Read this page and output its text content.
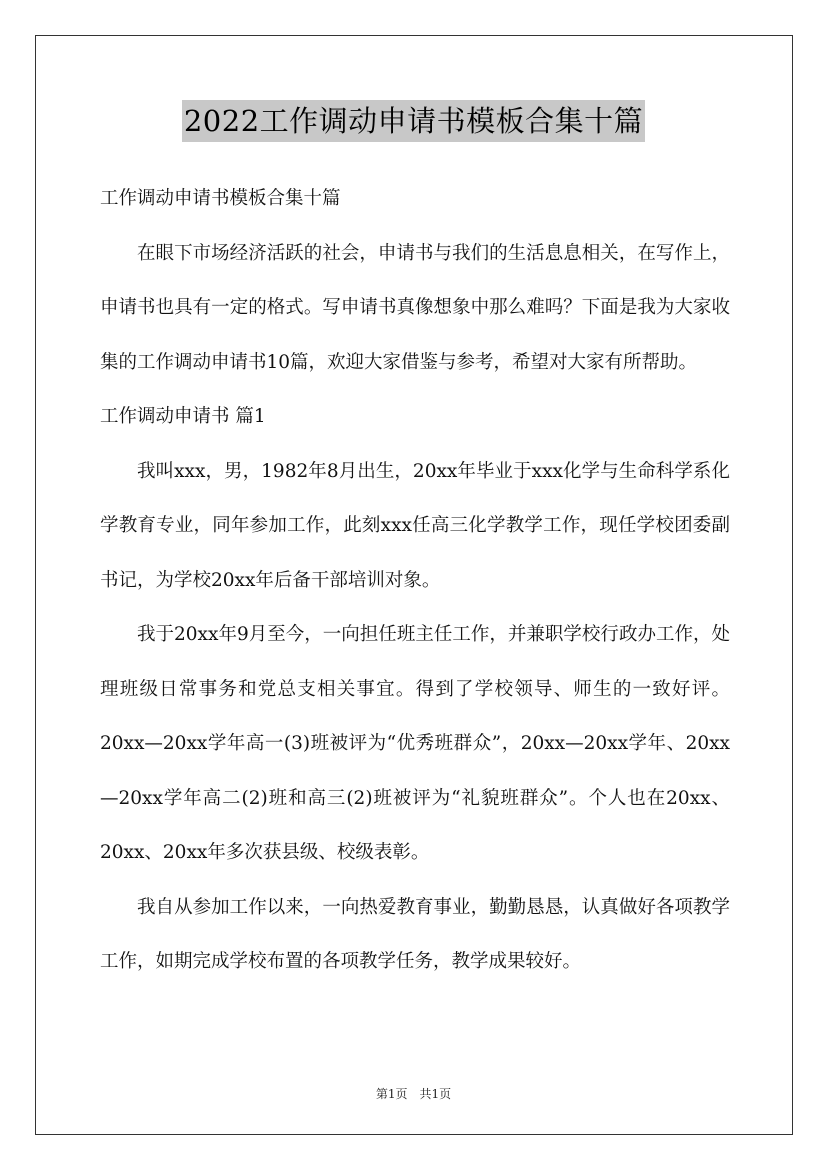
2022工作调动申请书模板合集十篇

工作调动申请书模板合集十篇

在眼下市场经济活跃的社会，申请书与我们的生活息息相关，在写作上，申请书也具有一定的格式。写申请书真像想象中那么难吗？下面是我为大家收集的工作调动申请书10篇，欢迎大家借鉴与参考，希望对大家有所帮助。

工作调动申请书 篇1

我叫xxx，男，1982年8月出生，20xx年毕业于xxx化学与生命科学系化学教育专业，同年参加工作，此刻xxx任高三化学教学工作，现任学校团委副书记，为学校20xx年后备干部培训对象。

我于20xx年9月至今，一向担任班主任工作，并兼职学校行政办工作，处理班级日常事务和党总支相关事宜。得到了学校领导、师生的一致好评。20xx—20xx学年高一(3)班被评为“优秀班群众”，20xx—20xx学年、20xx—20xx学年高二(2)班和高三(2)班被评为“礼貌班群众”。个人也在20xx、20xx、20xx年多次获县级、校级表彰。

我自从参加工作以来，一向热爱教育事业，勤勤恳恳，认真做好各项教学工作，如期完成学校布置的各项教学任务，教学成果较好。

第1页　共1页
